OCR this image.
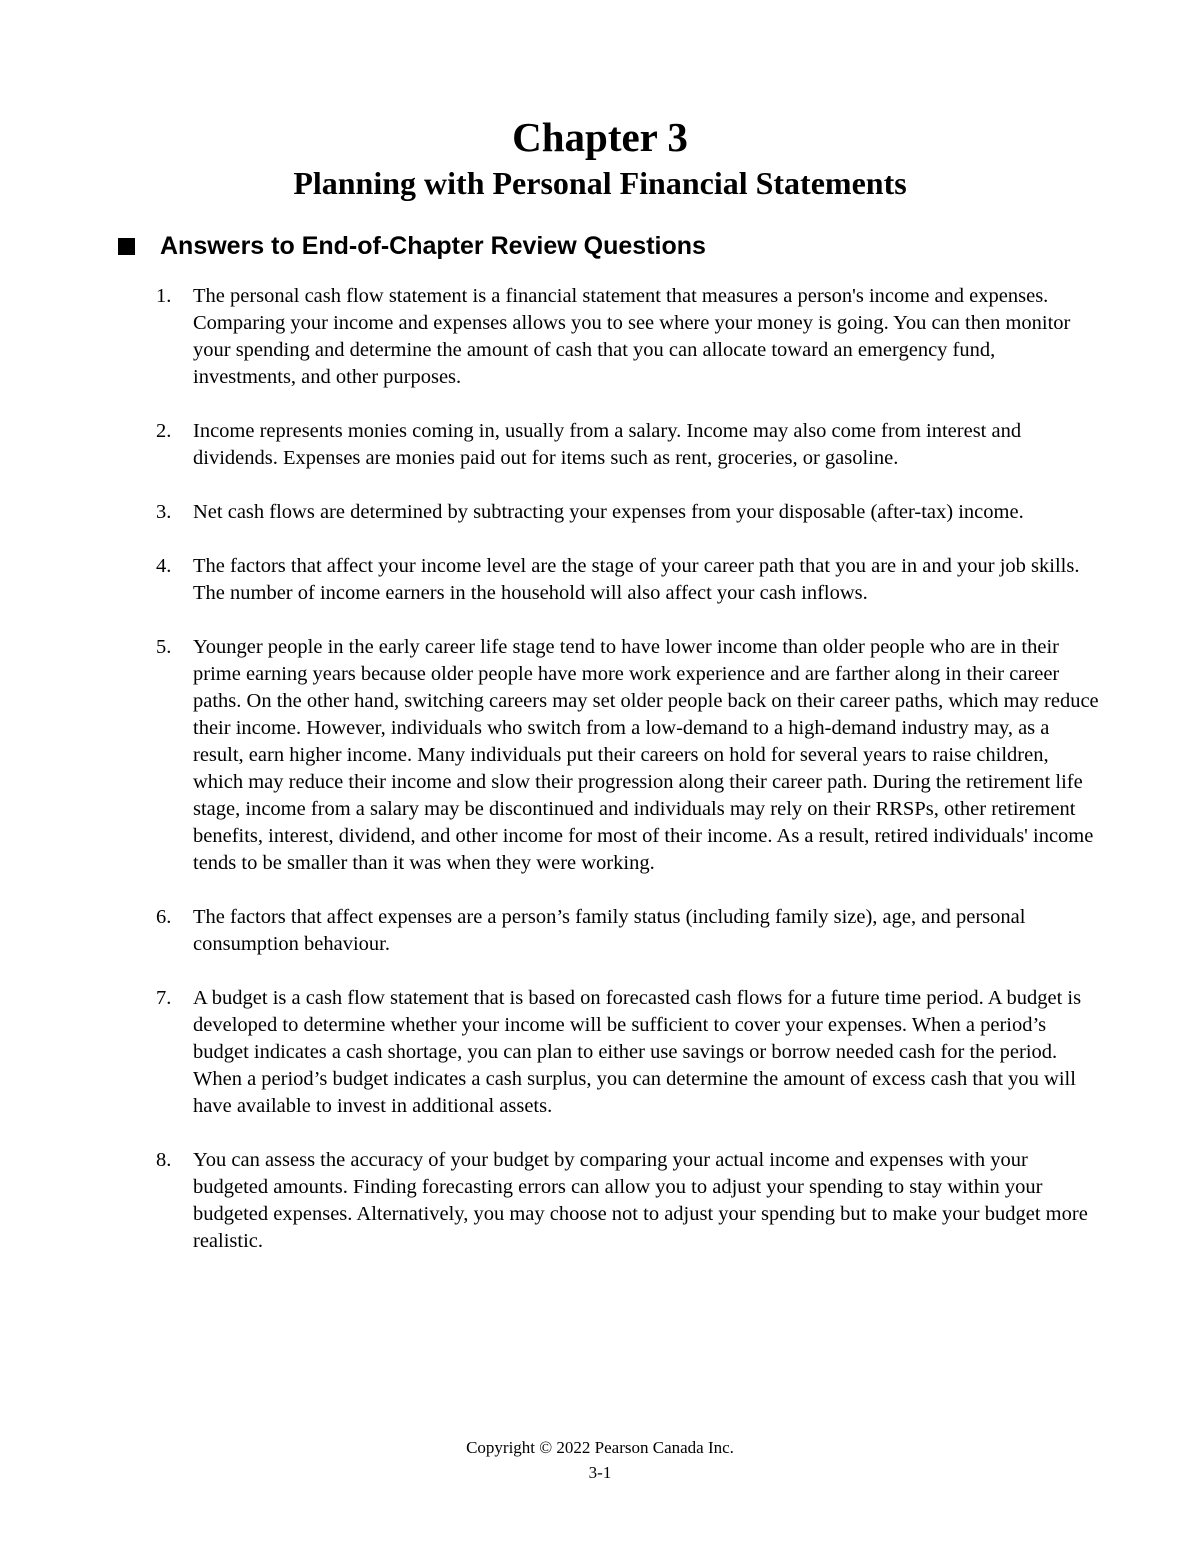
Chapter 3
Planning with Personal Financial Statements
Answers to End-of-Chapter Review Questions
1. The personal cash flow statement is a financial statement that measures a person's income and expenses. Comparing your income and expenses allows you to see where your money is going. You can then monitor your spending and determine the amount of cash that you can allocate toward an emergency fund, investments, and other purposes.
2. Income represents monies coming in, usually from a salary. Income may also come from interest and dividends. Expenses are monies paid out for items such as rent, groceries, or gasoline.
3. Net cash flows are determined by subtracting your expenses from your disposable (after-tax) income.
4. The factors that affect your income level are the stage of your career path that you are in and your job skills. The number of income earners in the household will also affect your cash inflows.
5. Younger people in the early career life stage tend to have lower income than older people who are in their prime earning years because older people have more work experience and are farther along in their career paths. On the other hand, switching careers may set older people back on their career paths, which may reduce their income. However, individuals who switch from a low-demand to a high-demand industry may, as a result, earn higher income. Many individuals put their careers on hold for several years to raise children, which may reduce their income and slow their progression along their career path. During the retirement life stage, income from a salary may be discontinued and individuals may rely on their RRSPs, other retirement benefits, interest, dividend, and other income for most of their income. As a result, retired individuals' income tends to be smaller than it was when they were working.
6. The factors that affect expenses are a person’s family status (including family size), age, and personal consumption behaviour.
7. A budget is a cash flow statement that is based on forecasted cash flows for a future time period. A budget is developed to determine whether your income will be sufficient to cover your expenses. When a period’s budget indicates a cash shortage, you can plan to either use savings or borrow needed cash for the period. When a period’s budget indicates a cash surplus, you can determine the amount of excess cash that you will have available to invest in additional assets.
8. You can assess the accuracy of your budget by comparing your actual income and expenses with your budgeted amounts. Finding forecasting errors can allow you to adjust your spending to stay within your budgeted expenses. Alternatively, you may choose not to adjust your spending but to make your budget more realistic.

Copyright © 2022 Pearson Canada Inc.

3-1
